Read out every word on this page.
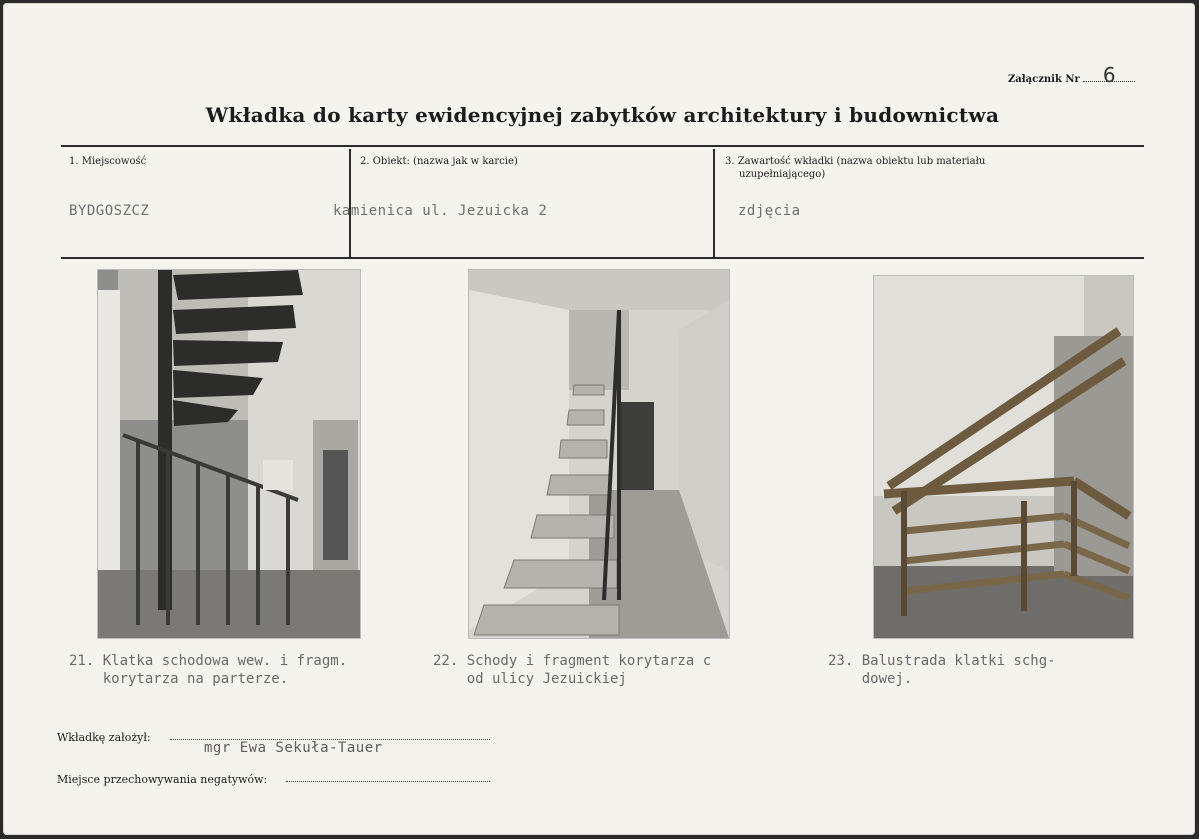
Załącznik Nr 6
Wkładka do karty ewidencyjnej zabytków architektury i budownictwa
1. Miejscowość
BYDGOSZCZ
2. Obiekt: (nazwa jak w karcie)
kamienica ul. Jezuicka 2
3. Zawartość wkładki (nazwa obiektu lub materiału
uzupełniającego)
zdjęcia
21. Klatka schodowa wew. i fragm.
korytarza na parterze.
22. Schody i fragment korytarza c
od ulicy Jezuickiej
23. Balustrada klatki schg-
dowej.
Wkładkę założył:
mgr Ewa Sekuła-Tauer
Miejsce przechowywania negatywów:
